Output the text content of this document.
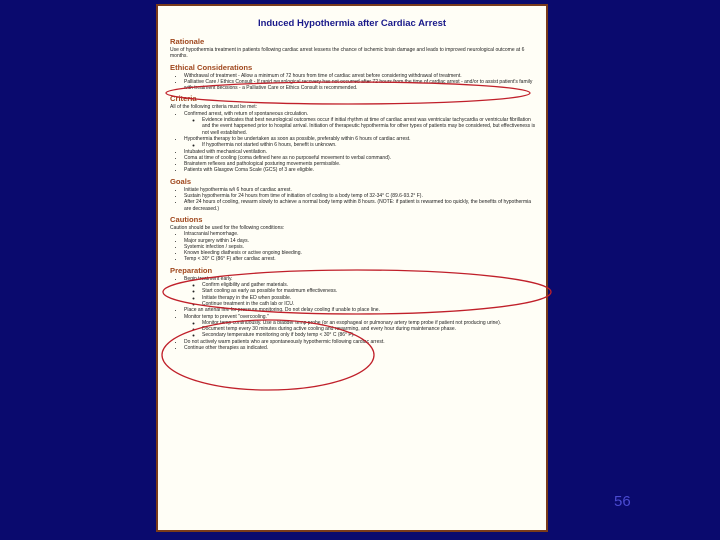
Induced Hypothermia after Cardiac Arrest
Rationale
Use of hypothermia treatment in patients following cardiac arrest lessens the chance of ischemic brain damage and leads to improved neurological outcome at 6 months.
Ethical Considerations
• Withdrawal of treatment - Allow a minimum of 72 hours from time of cardiac arrest before considering withdrawal of treatment.
• Palliative Care / Ethics Consult - If rapid neurological recovery has not occurred after 72 hours from the time of cardiac arrest - and/or to assist patient's family with treatment decisions - a Palliative Care or Ethics Consult is recommended.
Criteria
All of the following criteria must be met:
• Confirmed arrest, with return of spontaneous circulation.
◦ Evidence indicates that best neurological outcomes occur if initial rhythm at time of cardiac arrest was ventricular tachycardia or ventricular fibrillation and the event happened prior to hospital arrival. Initiation of therapeutic hypothermia for other types of patients may be considered, but effectiveness is not well established.
• Hypothermia therapy to be undertaken as soon as possible, preferably within 6 hours of cardiac arrest.
◦ If hypothermia not started within 6 hours, benefit is unknown.
• Intubated with mechanical ventilation.
• Coma at time of cooling (coma defined here as no purposeful movement to verbal command).
• Brainstem reflexes and pathological posturing movements permissible.
• Patients with Glasgow Coma Scale (GCS) of 3 are eligible.
Goals
• Initiate hypothermia w/i 6 hours of cardiac arrest.
• Sustain hypothermia for 24 hours from time of initiation of cooling to a body temp of 32-34° C (89.6-93.2° F).
• After 24 hours of cooling, rewarm slowly to achieve a normal body temp within 8 hours. (NOTE: if patient is rewarmed too quickly, the benefits of hypothermia are decreased.)
Cautions
Caution should be used for the following conditions:
• Intracranial hemorrhage.
• Major surgery within 14 days.
• Systemic infection / sepsis.
• Known bleeding diathesis or active ongoing bleeding.
• Temp < 30° C (86° F) after cardiac arrest.
Preparation
• Begin treatment early.
◦ Confirm eligibility and gather materials.
◦ Start cooling as early as possible for maximum effectiveness.
◦ Initiate therapy in the ED when possible.
◦ Continue treatment in the cath lab or ICU.
• Place an arterial line for pressure monitoring. Do not delay cooling if unable to place line.
• Monitor temp to prevent "overcooling."
◦ Monitor temp continuously. Use a bladder temp probe (or an esophageal or pulmonary artery temp probe if patient not producing urine).
◦ Document temp every 30 minutes during active cooling and rewarming, and every hour during maintenance phase.
◦ Secondary temperature monitoring only if body temp < 30° C (86° F).
• Do not actively warm patients who are spontaneously hypothermic following cardiac arrest.
• Continue other therapies as indicated.
56
